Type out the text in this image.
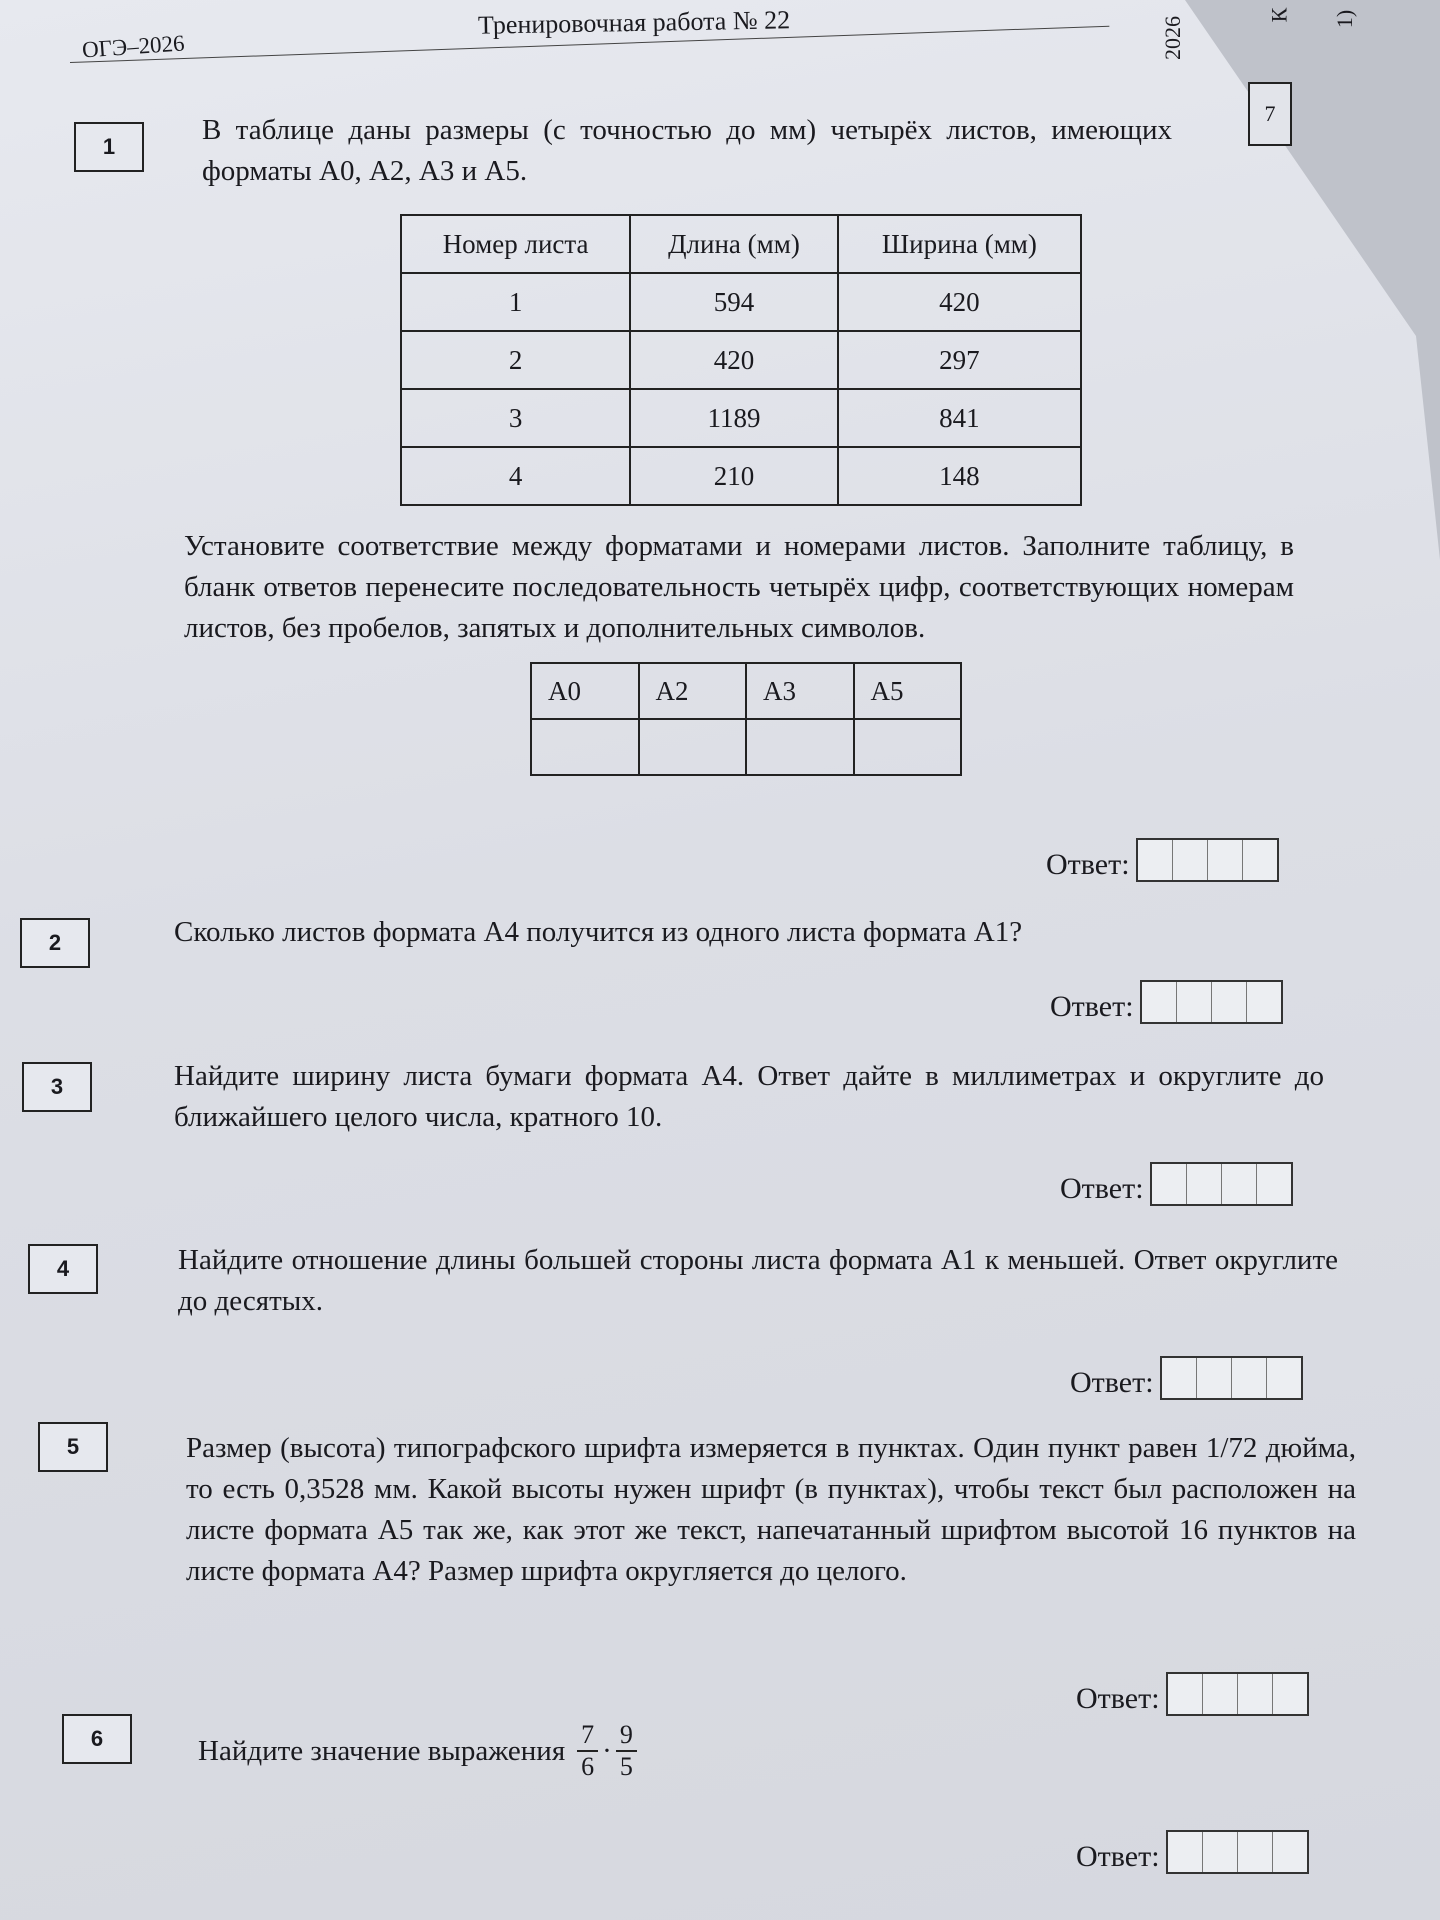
ОГЭ–2026
Тренировочная работа № 22	2026
7
К 1)
1
В таблице даны размеры (с точностью до мм) четырёх листов, имеющих форматы А0, А2, А3 и А5.
Номер листа	Длина (мм)	Ширина (мм)
1	594	420
2	420	297
3	1189	841
4	210	148
Установите соответствие между форматами и номерами листов. Заполните таблицу, в бланк ответов перенесите последовательность четырёх цифр, соответствующих номерам листов, без пробелов, запятых и дополнительных символов.
А0	А2	А3	А5

Ответ:
2	Сколько листов формата А4 получится из одного листа формата А1?
Ответ:
3	Найдите ширину листа бумаги формата А4. Ответ дайте в миллиметрах и округлите до ближайшего целого числа, кратного 10.
Ответ:
4	Найдите отношение длины большей стороны листа формата А1 к меньшей. Ответ округлите до десятых.
Ответ:
5	Размер (высота) типографского шрифта измеряется в пунктах. Один пункт равен 1/72 дюйма, то есть 0,3528 мм. Какой высоты нужен шрифт (в пунктах), чтобы текст был расположен на листе формата А5 так же, как этот же текст, напечатанный шрифтом высотой 16 пунктов на листе формата А4? Размер шрифта округляется до целого.
Ответ:
6	Найдите значение выражения $\frac{7}{6} \cdot \frac{9}{5}$
Ответ:
